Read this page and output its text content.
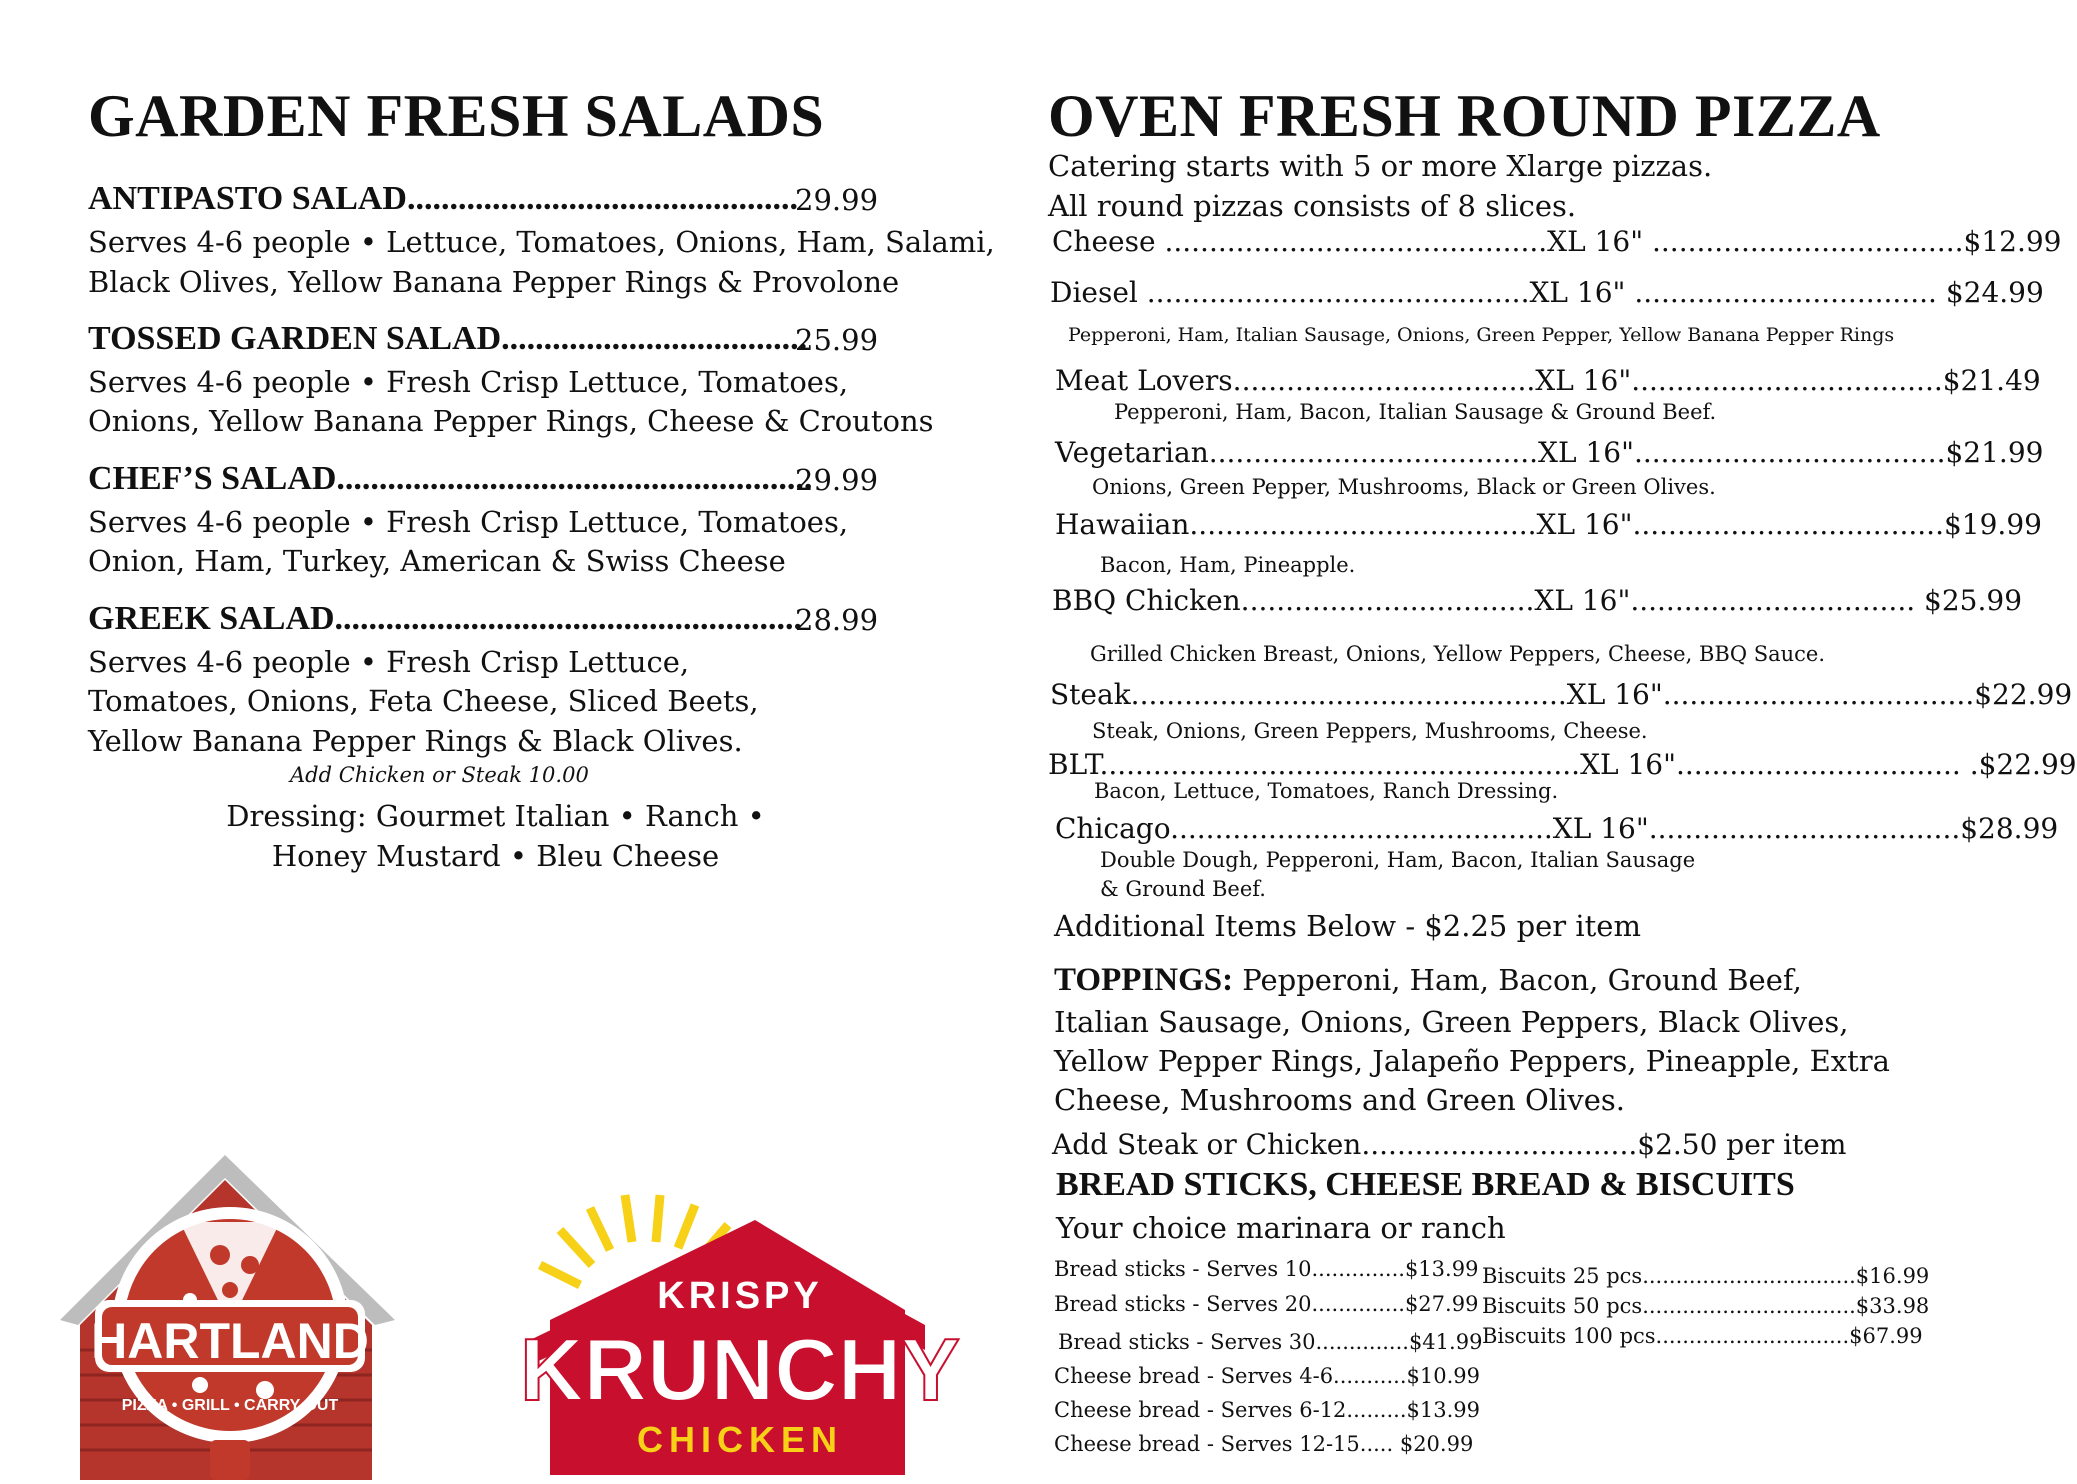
GARDEN FRESH SALADS
ANTIPASTO SALAD..............................................
29.99
Serves 4-6 people • Lettuce, Tomatoes, Onions, Ham, Salami,
Black Olives, Yellow Banana Pepper Rings & Provolone
TOSSED GARDEN SALAD....................................
25.99
Serves 4-6 people • Fresh Crisp Lettuce, Tomatoes,
Onions, Yellow Banana Pepper Rings, Cheese & Croutons
CHEF’S SALAD........................................................
29.99
Serves 4-6 people • Fresh Crisp Lettuce, Tomatoes,
Onion, Ham, Turkey, American & Swiss Cheese
GREEK SALAD.......................................................
28.99
Serves 4-6 people • Fresh Crisp Lettuce,
Tomatoes, Onions, Feta Cheese, Sliced Beets,
Yellow Banana Pepper Rings & Black Olives.
Add Chicken or Steak 10.00
Dressing: Gourmet Italian • Ranch •
Honey Mustard • Bleu Cheese
HARTLAND
PIZZA • GRILL • CARRY OUT
KRISPY
KRUNCHY
CHICKEN
OVEN FRESH ROUND PIZZA
Catering starts with 5 or more Xlarge pizzas.
All round pizzas consists of 8 slices.
Cheese ...........................................XL 16" ...................................$12.99
Diesel ...........................................XL 16" .................................. $24.99
Pepperoni, Ham, Italian Sausage, Onions, Green Pepper, Yellow Banana Pepper Rings
Meat Lovers..................................XL 16"...................................$21.49
Pepperoni, Ham, Bacon, Italian Sausage & Ground Beef.
Vegetarian.....................................XL 16"...................................$21.99
Onions, Green Pepper, Mushrooms, Black or Green Olives.
Hawaiian.......................................XL 16"...................................$19.99
Bacon, Ham, Pineapple.
BBQ Chicken.................................XL 16"................................ $25.99
Grilled Chicken Breast, Onions, Yellow Peppers, Cheese, BBQ Sauce.
Steak.................................................XL 16"...................................$22.99
Steak, Onions, Green Peppers, Mushrooms, Cheese.
BLT......................................................XL 16"................................ .$22.99
Bacon, Lettuce, Tomatoes, Ranch Dressing.
Chicago...........................................XL 16"...................................$28.99
Double Dough, Pepperoni, Ham, Bacon, Italian Sausage
& Ground Beef.
Additional Items Below - $2.25 per item
TOPPINGS: Pepperoni, Ham, Bacon, Ground Beef,
Italian Sausage, Onions, Green Peppers, Black Olives,
Yellow Pepper Rings, Jalapeño Peppers, Pineapple, Extra
Cheese, Mushrooms and Green Olives.
Add Steak or Chicken...............................$2.50 per item
BREAD STICKS, CHEESE BREAD & BISCUITS
Your choice marinara or ranch
Bread sticks - Serves 10..............$13.99
Bread sticks - Serves 20..............$27.99
Bread sticks - Serves 30..............$41.99
Cheese bread - Serves 4-6...........$10.99
Cheese bread - Serves 6-12.........$13.99
Cheese bread - Serves 12-15..... $20.99
Biscuits 25 pcs................................$16.99
Biscuits 50 pcs................................$33.98
Biscuits 100 pcs.............................$67.99
